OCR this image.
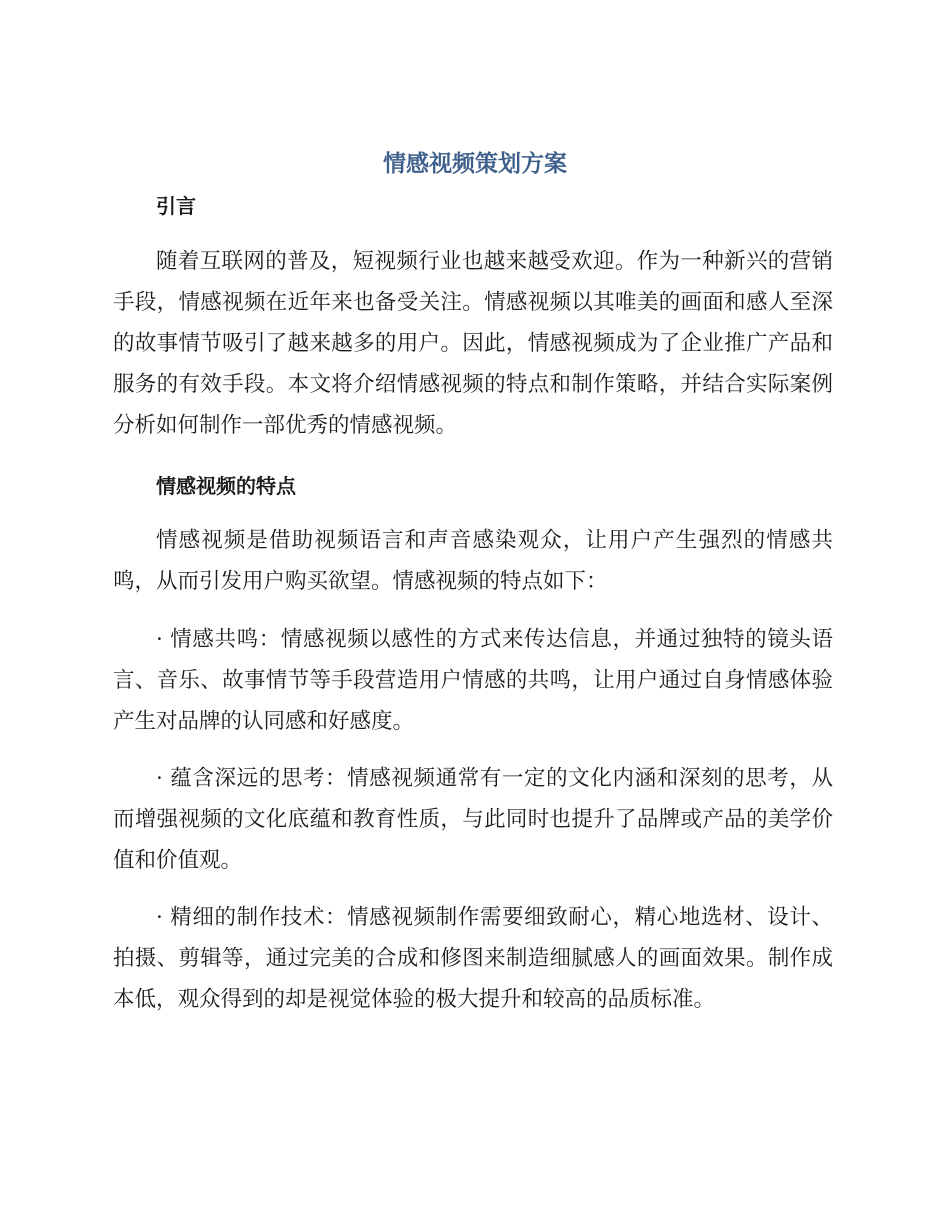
情感视频策划方案
引言

随着互联网的普及，短视频行业也越来越受欢迎。作为一种新兴的营销手段，情感视频在近年来也备受关注。情感视频以其唯美的画面和感人至深的故事情节吸引了越来越多的用户。因此，情感视频成为了企业推广产品和服务的有效手段。本文将介绍情感视频的特点和制作策略，并结合实际案例分析如何制作一部优秀的情感视频。

情感视频的特点

情感视频是借助视频语言和声音感染观众，让用户产生强烈的情感共鸣，从而引发用户购买欲望。情感视频的特点如下：

· 情感共鸣：情感视频以感性的方式来传达信息，并通过独特的镜头语言、音乐、故事情节等手段营造用户情感的共鸣，让用户通过自身情感体验产生对品牌的认同感和好感度。

· 蕴含深远的思考：情感视频通常有一定的文化内涵和深刻的思考，从而增强视频的文化底蕴和教育性质，与此同时也提升了品牌或产品的美学价值和价值观。

· 精细的制作技术：情感视频制作需要细致耐心，精心地选材、设计、拍摄、剪辑等，通过完美的合成和修图来制造细腻感人的画面效果。制作成本低，观众得到的却是视觉体验的极大提升和较高的品质标准。
